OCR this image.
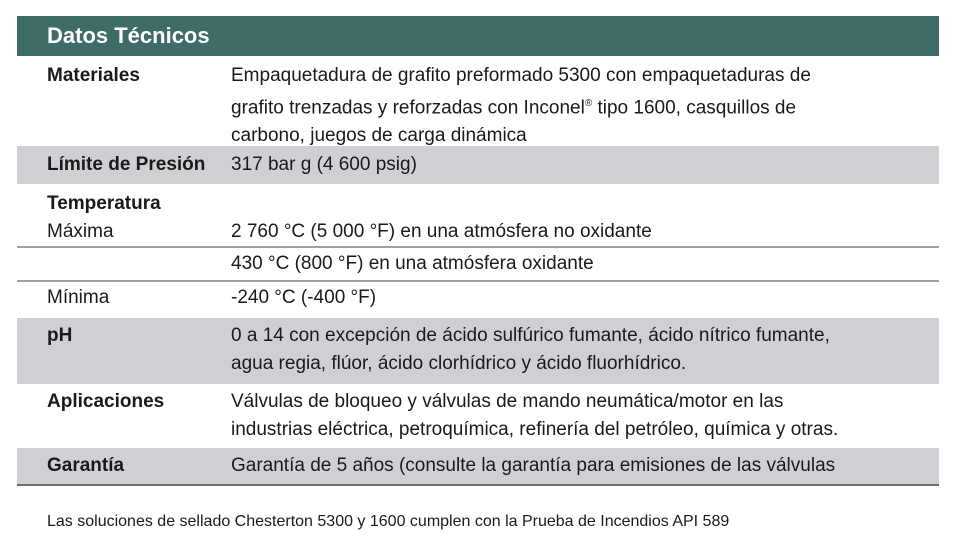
Datos Técnicos
Materiales	Empaquetadura de grafito preformado 5300 con empaquetaduras de
grafito trenzadas y reforzadas con Inconel® tipo 1600, casquillos de
carbono, juegos de carga dinámica
Límite de Presión 317 bar g (4 600 psig)
Temperatura
Máxima	2 760 °C (5 000 °F) en una atmósfera no oxidante
430 °C (800 °F) en una atmósfera oxidante
Mínima	-240 °C (-400 °F)
pH	0 a 14 con excepción de ácido sulfúrico fumante, ácido nítrico fumante,
agua regia, flúor, ácido clorhídrico y ácido fluorhídrico.
Aplicaciones	Válvulas de bloqueo y válvulas de mando neumática/motor en las
industrias eléctrica, petroquímica, refinería del petróleo, química y otras.
Garantía	Garantía de 5 años (consulte la garantía para emisiones de las válvulas
Las soluciones de sellado Chesterton 5300 y 1600 cumplen con la Prueba de Incendios API 589
